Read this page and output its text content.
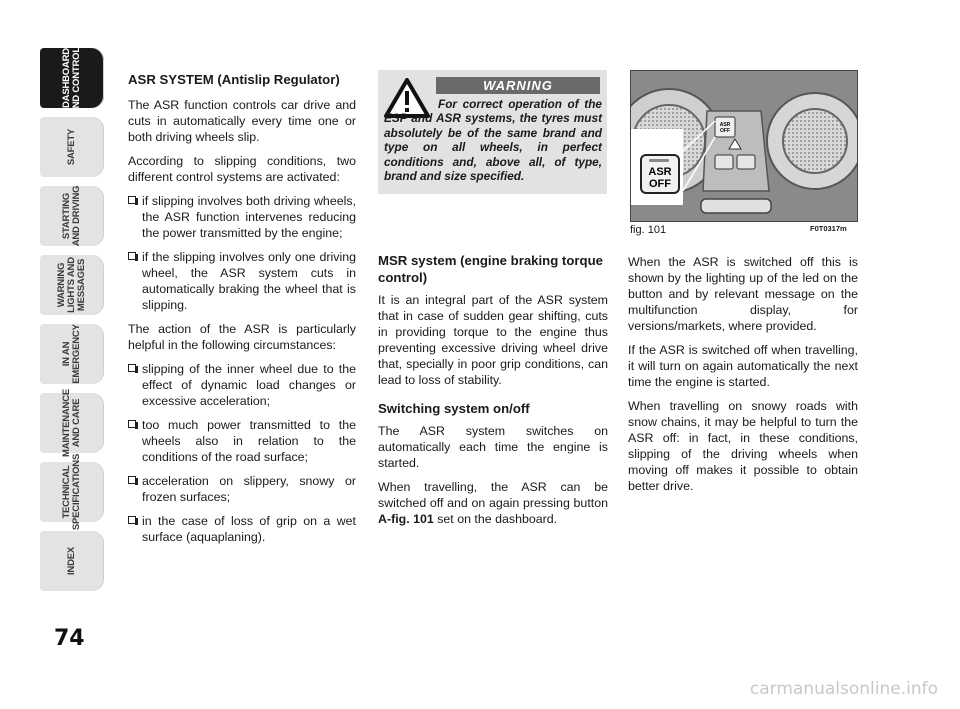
DASHBOARD
AND CONTROLS
SAFETY
STARTING
AND DRIVING
WARNING
LIGHTS AND
MESSAGES
IN AN
EMERGENCY
MAINTENANCE
AND CARE
TECHNICAL
SPECIFICATIONS
INDEX
74
ASR SYSTEM (Antislip Regulator)

The ASR function controls car drive and cuts in automatically every time one or both driving wheels slip.

According to slipping conditions, two different control systems are activated:

if slipping involves both driving wheels, the ASR function intervenes reducing the power transmitted by the engine;
if the slipping involves only one driving wheel, the ASR system cuts in automatically braking the wheel that is slipping.

The action of the ASR is particularly helpful in the following circumstances:

slipping of the inner wheel due to the effect of dynamic load changes or excessive acceleration;
too much power transmitted to the wheels also in relation to the conditions of the road surface;
acceleration on slippery, snowy or frozen surfaces;
in the case of loss of grip on a wet surface (aquaplaning).
WARNING

For correct operation of the ESP and ASR systems, the tyres must absolutely be of the same brand and type on all wheels, in perfect conditions and, above all, of type, brand and size specified.

MSR system (engine braking torque control)

It is an integral part of the ASR system that in case of sudden gear shifting, cuts in providing torque to the engine thus preventing excessive driving wheel drive that, specially in poor grip conditions, can lead to loss of stability.

Switching system on/off

The ASR system switches on automatically each time the engine is started.

When travelling, the ASR can be switched off and on again pressing button A-fig. 101 set on the dashboard.

ASR
OFF
ASR
OFF
fig. 101	F0T0317m

When the ASR is switched off this is shown by the lighting up of the led on the button and by relevant message on the multifunction display, for versions/markets, where provided.

If the ASR is switched off when travelling, it will turn on again automatically the next time the engine is started.

When travelling on snowy roads with snow chains, it may be helpful to turn the ASR off: in fact, in these conditions, slipping of the driving wheels when moving off makes it possible to obtain better drive.

carmanualsonline.info
